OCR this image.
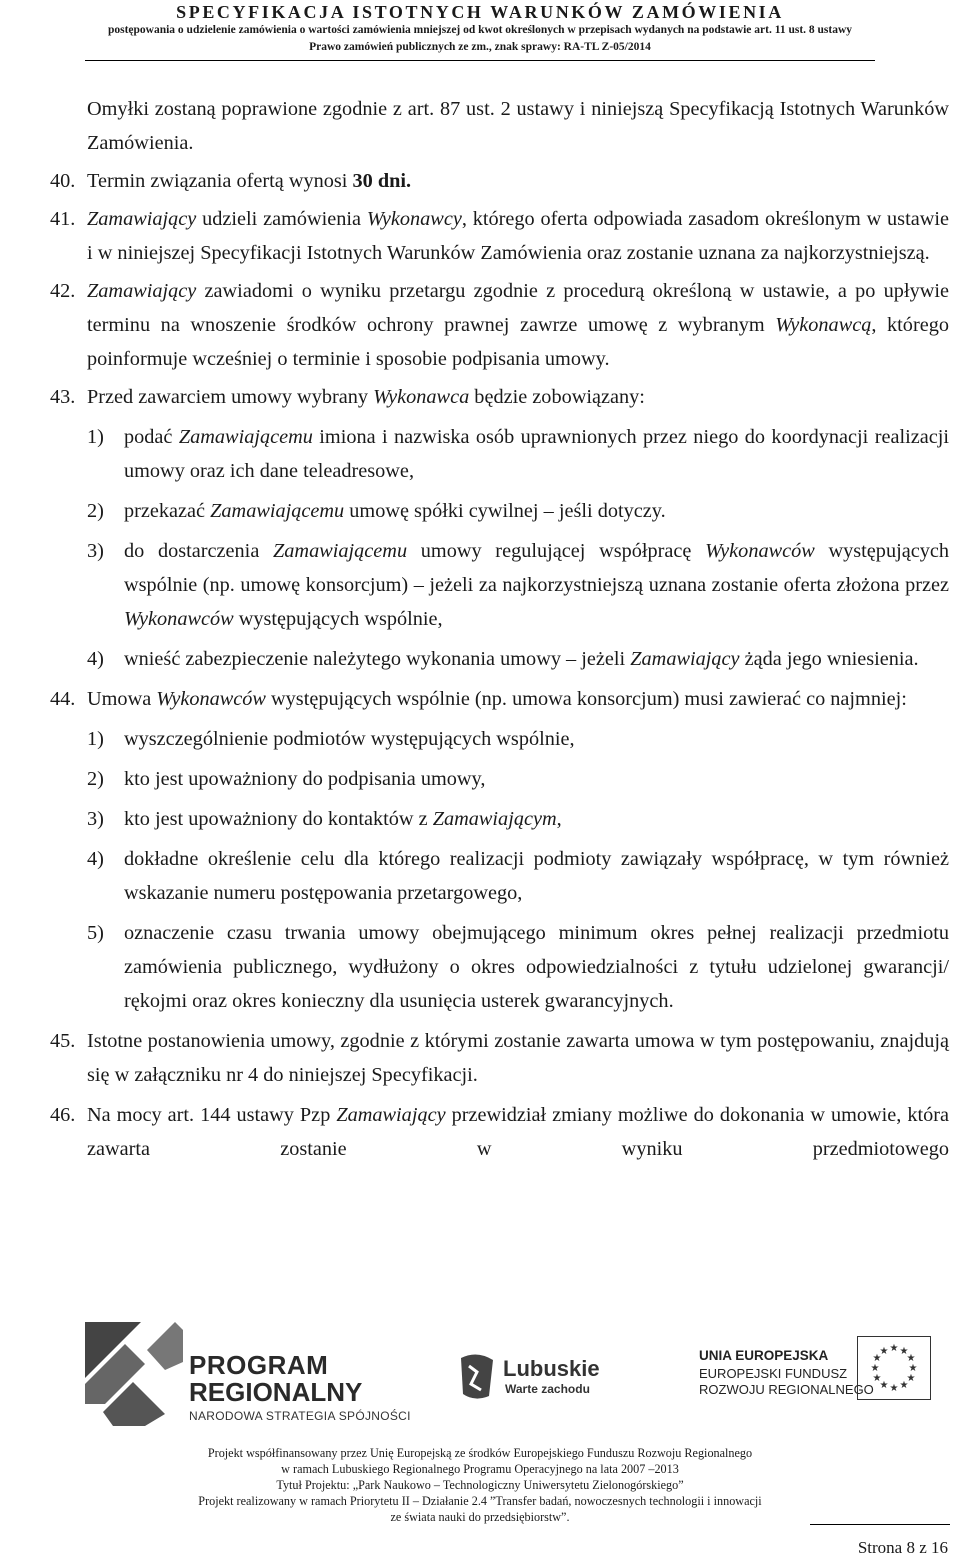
SPECYFIKACJA ISTOTNYCH WARUNKÓW ZAMÓWIENIA
postępowania o udzielenie zamówienia o wartości zamówienia mniejszej od kwot określonych w przepisach wydanych na podstawie art. 11 ust. 8 ustawy
Prawo zamówień publicznych ze zm., znak sprawy: RA-TL Z-05/2014

Omyłki zostaną poprawione zgodnie z art. 87 ust. 2 ustawy i niniejszą Specyfikacją Istotnych Warunków Zamówienia.

40. Termin związania ofertą wynosi 30 dni.
41. Zamawiający udzieli zamówienia Wykonawcy, którego oferta odpowiada zasadom określonym w ustawie i w niniejszej Specyfikacji Istotnych Warunków Zamówienia oraz zostanie uznana za najkorzystniejszą.
42. Zamawiający zawiadomi o wyniku przetargu zgodnie z procedurą określoną w ustawie, a po upływie terminu na wnoszenie środków ochrony prawnej zawrze umowę z wybranym Wykonawcą, którego poinformuje wcześniej o terminie i sposobie podpisania umowy.
43. Przed zawarciem umowy wybrany Wykonawca będzie zobowiązany:
1) podać Zamawiającemu imiona i nazwiska osób uprawnionych przez niego do koordynacji realizacji umowy oraz ich dane teleadresowe,
2) przekazać Zamawiającemu umowę spółki cywilnej – jeśli dotyczy.
3) do dostarczenia Zamawiającemu umowy regulującej współpracę Wykonawców występujących wspólnie (np. umowę konsorcjum) – jeżeli za najkorzystniejszą uznana zostanie oferta złożona przez Wykonawców występujących wspólnie,
4) wnieść zabezpieczenie należytego wykonania umowy – jeżeli Zamawiający żąda jego wniesienia.
44. Umowa Wykonawców występujących wspólnie (np. umowa konsorcjum) musi zawierać co najmniej:
1) wyszczególnienie podmiotów występujących wspólnie,
2) kto jest upoważniony do podpisania umowy,
3) kto jest upoważniony do kontaktów z Zamawiającym,
4) dokładne określenie celu dla którego realizacji podmioty zawiązały współpracę, w tym również wskazanie numeru postępowania przetargowego,
5) oznaczenie czasu trwania umowy obejmującego minimum okres pełnej realizacji przedmiotu zamówienia publicznego, wydłużony o okres odpowiedzialności z tytułu udzielonej gwarancji/ rękojmi oraz okres konieczny dla usunięcia usterek gwarancyjnych.
45. Istotne postanowienia umowy, zgodnie z którymi zostanie zawarta umowa w tym postępowaniu, znajdują się w załączniku nr 4 do niniejszej Specyfikacji.
46. Na mocy art. 144 ustawy Pzp Zamawiający przewidział zmiany możliwe do dokonania w umowie, która zawarta zostanie w wyniku przedmiotowego
PROGRAM
REGIONALNY
NARODOWA STRATEGIA SPÓJNOŚCI
Lubuskie
Warte zachodu
UNIA EUROPEJSKA
EUROPEJSKI FUNDUSZ
ROZWOJU REGIONALNEGO
★ ★
★
★
★
★
★
★
★
★
★
★
Projekt współfinansowany przez Unię Europejską ze środków Europejskiego Funduszu Rozwoju Regionalnego
w ramach Lubuskiego Regionalnego Programu Operacyjnego na lata 2007 –2013
Tytuł Projektu: „Park Naukowo – Technologiczny Uniwersytetu Zielonogórskiego”
Projekt realizowany w ramach Priorytetu II – Działanie 2.4 ”Transfer badań, nowoczesnych technologii i innowacji
ze świata nauki do przedsiębiorstw”.
Strona 8 z 16
